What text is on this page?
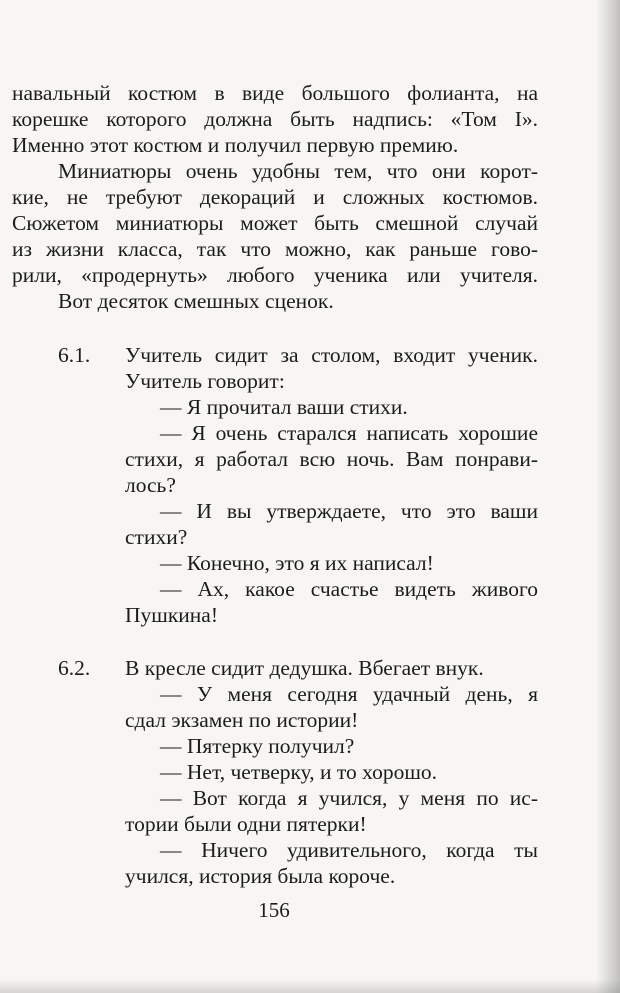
навальный костюм в виде большого фолианта, на

корешке которого должна быть надпись: «Том I».

Именно этот костюм и получил первую премию.

Миниатюры очень удобны тем, что они корот-

кие, не требуют декораций и сложных костюмов.

Сюжетом миниатюры может быть смешной случай

из жизни класса, так что можно, как раньше гово-

рили, «продернуть» любого ученика или учителя.

Вот десяток смешных сценок.

6.1. Учитель сидит за столом, входит ученик.

Учитель говорит:

— Я прочитал ваши стихи.

— Я очень старался написать хорошие

стихи, я работал всю ночь. Вам понрави-

лось?

— И вы утверждаете, что это ваши

стихи?

— Конечно, это я их написал!

— Ах, какое счастье видеть живого

Пушкина!

6.2. В кресле сидит дедушка. Вбегает внук.

— У меня сегодня удачный день, я

сдал экзамен по истории!

— Пятерку получил?

— Нет, четверку, и то хорошо.

— Вот когда я учился, у меня по ис-

тории были одни пятерки!

— Ничего удивительного, когда ты

учился, история была короче.

156
